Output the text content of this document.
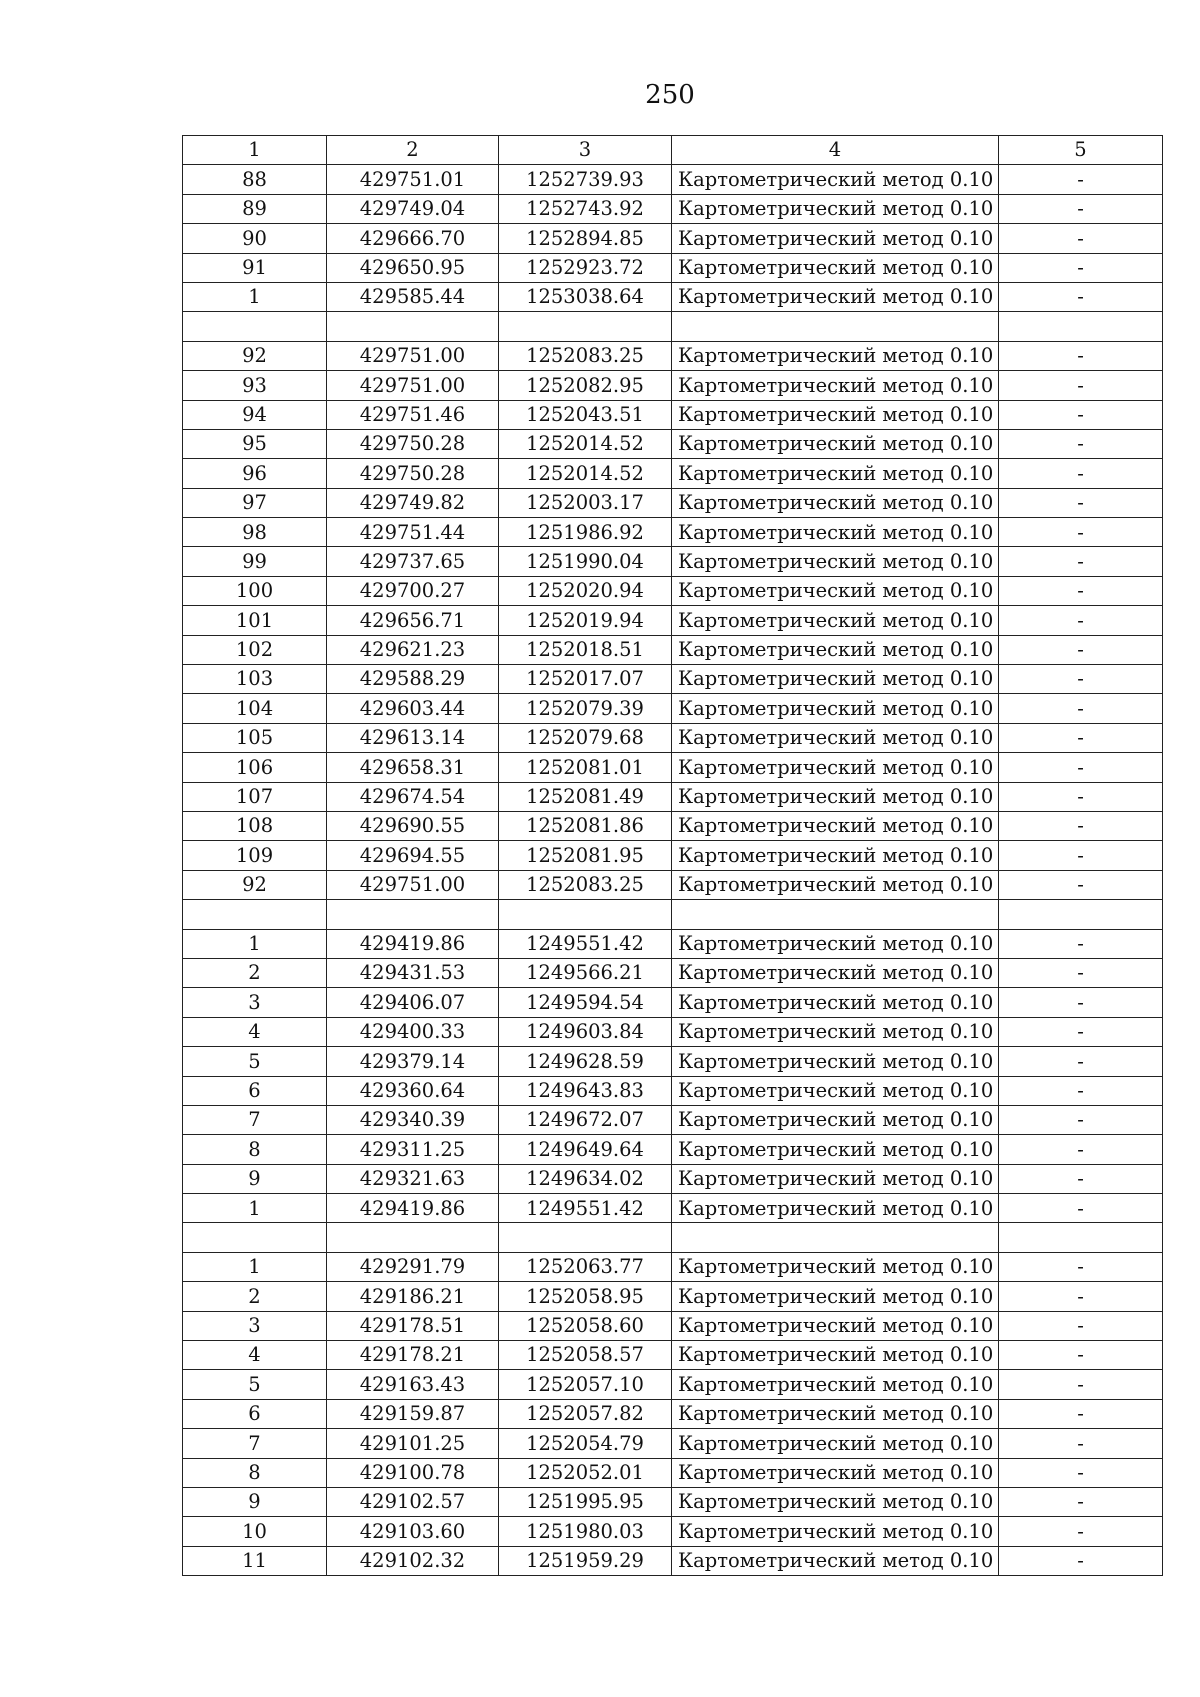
250
1	2	3	4	5
88	429751.01	1252739.93	Картометрический метод 0.10	-
89	429749.04	1252743.92	Картометрический метод 0.10	-
90	429666.70	1252894.85	Картометрический метод 0.10	-
91	429650.95	1252923.72	Картометрический метод 0.10	-
1	429585.44	1253038.64	Картометрический метод 0.10	-

92	429751.00	1252083.25	Картометрический метод 0.10	-
93	429751.00	1252082.95	Картометрический метод 0.10	-
94	429751.46	1252043.51	Картометрический метод 0.10	-
95	429750.28	1252014.52	Картометрический метод 0.10	-
96	429750.28	1252014.52	Картометрический метод 0.10	-
97	429749.82	1252003.17	Картометрический метод 0.10	-
98	429751.44	1251986.92	Картометрический метод 0.10	-
99	429737.65	1251990.04	Картометрический метод 0.10	-
100	429700.27	1252020.94	Картометрический метод 0.10	-
101	429656.71	1252019.94	Картометрический метод 0.10	-
102	429621.23	1252018.51	Картометрический метод 0.10	-
103	429588.29	1252017.07	Картометрический метод 0.10	-
104	429603.44	1252079.39	Картометрический метод 0.10	-
105	429613.14	1252079.68	Картометрический метод 0.10	-
106	429658.31	1252081.01	Картометрический метод 0.10	-
107	429674.54	1252081.49	Картометрический метод 0.10	-
108	429690.55	1252081.86	Картометрический метод 0.10	-
109	429694.55	1252081.95	Картометрический метод 0.10	-
92	429751.00	1252083.25	Картометрический метод 0.10	-

1	429419.86	1249551.42	Картометрический метод 0.10	-
2	429431.53	1249566.21	Картометрический метод 0.10	-
3	429406.07	1249594.54	Картометрический метод 0.10	-
4	429400.33	1249603.84	Картометрический метод 0.10	-
5	429379.14	1249628.59	Картометрический метод 0.10	-
6	429360.64	1249643.83	Картометрический метод 0.10	-
7	429340.39	1249672.07	Картометрический метод 0.10	-
8	429311.25	1249649.64	Картометрический метод 0.10	-
9	429321.63	1249634.02	Картометрический метод 0.10	-
1	429419.86	1249551.42	Картометрический метод 0.10	-

1	429291.79	1252063.77	Картометрический метод 0.10	-
2	429186.21	1252058.95	Картометрический метод 0.10	-
3	429178.51	1252058.60	Картометрический метод 0.10	-
4	429178.21	1252058.57	Картометрический метод 0.10	-
5	429163.43	1252057.10	Картометрический метод 0.10	-
6	429159.87	1252057.82	Картометрический метод 0.10	-
7	429101.25	1252054.79	Картометрический метод 0.10	-
8	429100.78	1252052.01	Картометрический метод 0.10	-
9	429102.57	1251995.95	Картометрический метод 0.10	-
10	429103.60	1251980.03	Картометрический метод 0.10	-
11	429102.32	1251959.29	Картометрический метод 0.10	-
